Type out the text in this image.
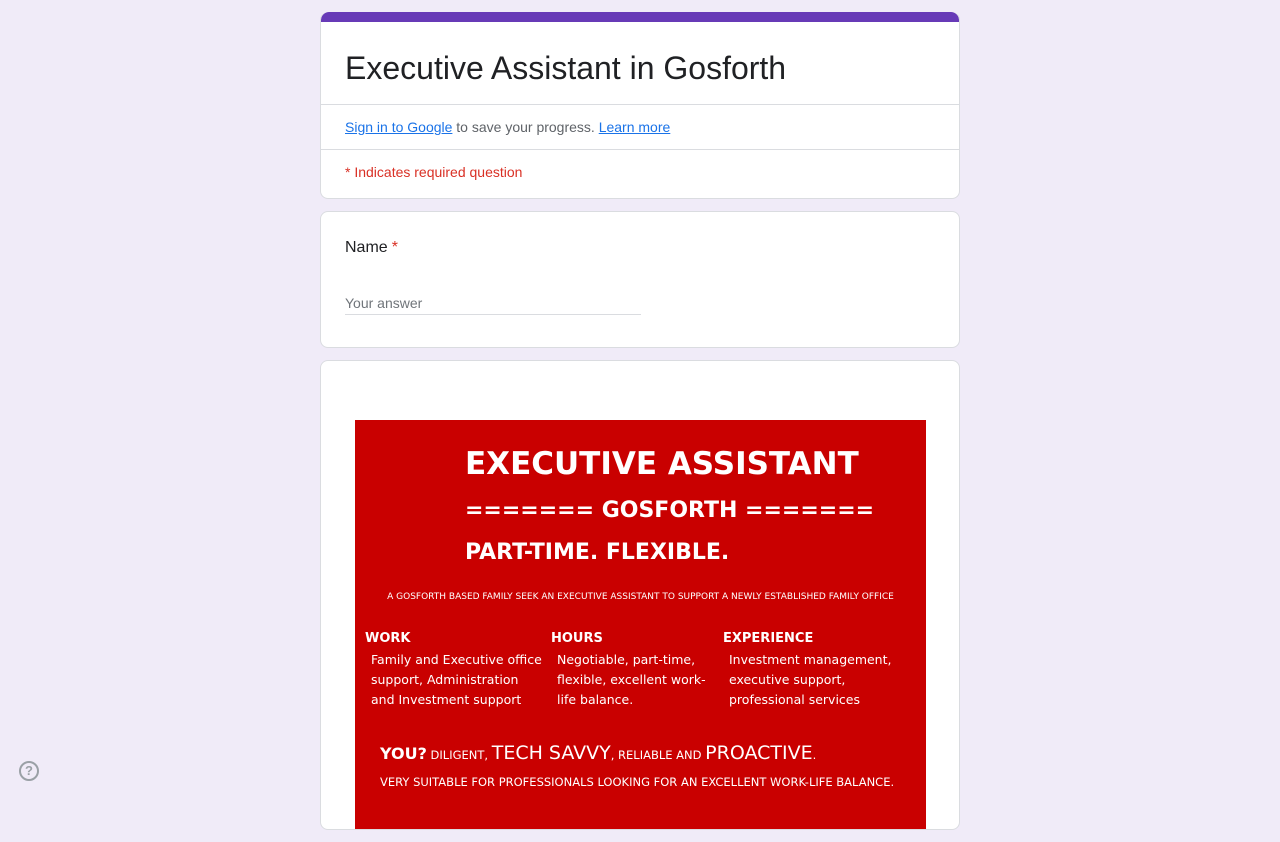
Executive Assistant in Gosforth
Sign in to Google to save your progress. Learn more
* Indicates required question
Name *
Your answer
EXECUTIVE ASSISTANT
======= GOSFORTH =======
PART-TIME. FLEXIBLE.
A GOSFORTH BASED FAMILY SEEK AN EXECUTIVE ASSISTANT TO SUPPORT A NEWLY ESTABLISHED FAMILY OFFICE
WORK
Family and Executive office support, Administration and Investment support
HOURS
Negotiable, part-time, flexible, excellent work-life balance.
EXPERIENCE
Investment management, executive support, professional services
YOU? DILIGENT, TECH SAVVY, RELIABLE AND PROACTIVE.
VERY SUITABLE FOR PROFESSIONALS LOOKING FOR AN EXCELLENT WORK-LIFE BALANCE.
?
